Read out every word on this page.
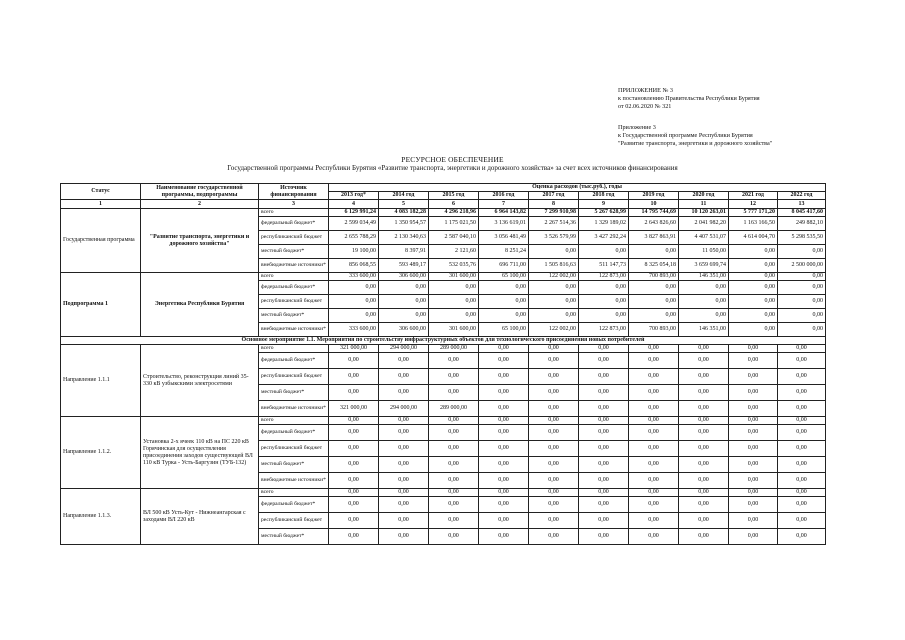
ПРИЛОЖЕНИЕ № 3
к постановлению Правительства Республики Бурятия
от 02.06.2020 № 321
Приложение 3
к Государственной программе Республики Бурятия
"Развитие транспорта, энергетики и дорожного хозяйства"
РЕСУРСНОЕ ОБЕСПЕЧЕНИЕ
Государственной программы Республики Бурятия «Развитие транспорта, энергетики и дорожного хозяйства» за счет всех источников финансирования
Статус	Наименование государственной программы, подпрограммы	Источник финансирования	Оценка расходов (тыс.руб.), годы									
			2013 год*	2014 год	2015 год	2016 год	2017 год	2018 год	2019 год	2020 год	2021 год	2022 год
1	2	3	4	5	6	7	8	9	10	11	12	13
Государственная программа	"Развитие транспорта, энергетики и дорожного хозяйства"	всего	6 129 991,24	4 083 182,28	4 296 218,96	6 964 143,82	7 299 910,98	5 267 628,99	14 795 744,69	10 120 263,01	5 777 171,20	8 045 417,60
		федеральный бюджет*	2 599 034,49	1 350 954,57	1 175 021,50	3 136 619,01	2 267 514,36	1 329 189,02	2 643 826,60	2 041 982,20	1 163 166,50	249 882,10
		республиканский бюджет	2 655 788,29	2 130 340,63	2 587 040,10	3 056 481,49	3 526 579,99	3 427 292,24	3 827 863,91	4 407 531,07	4 614 004,70	5 298 535,50
		местный бюджет*	19 100,00	8 397,91	2 121,60	8 251,24	0,00	0,00	0,00	11 050,00	0,00	0,00
		внебюджетные источники*	856 068,55	593 489,17	532 035,76	696 711,00	1 505 816,63	511 147,73	8 325 054,18	3 659 699,74	0,00	2 500 000,00
Подпрограмма 1	Энергетика Республики Бурятия	всего	333 600,00	306 600,00	301 600,00	65 100,00	122 002,00	122 873,00	700 893,00	146 351,00	0,00	0,00
		федеральный бюджет*	0,00	0,00	0,00	0,00	0,00	0,00	0,00	0,00	0,00	0,00
		республиканский бюджет	0,00	0,00	0,00	0,00	0,00	0,00	0,00	0,00	0,00	0,00
		местный бюджет*	0,00	0,00	0,00	0,00	0,00	0,00	0,00	0,00	0,00	0,00
		внебюджетные источники*	333 600,00	306 600,00	301 600,00	65 100,00	122 002,00	122 873,00	700 893,00	146 351,00	0,00	0,00
Основное мероприятие 1.1. Мероприятия по строительству инфраструктурных объектов для технологического присоединения новых потребителей												
Направление 1.1.1	Строительство, реконструкция линий 35-330 кВ узбыкскими электросетями	всего	321 000,00	294 000,00	289 000,00	0,00	0,00	0,00	0,00	0,00	0,00	0,00
		федеральный бюджет*	0,00	0,00	0,00	0,00	0,00	0,00	0,00	0,00	0,00	0,00
		республиканский бюджет	0,00	0,00	0,00	0,00	0,00	0,00	0,00	0,00	0,00	0,00
		местный бюджет*	0,00	0,00	0,00	0,00	0,00	0,00	0,00	0,00	0,00	0,00
		внебюджетные источники*	321 000,00	294 000,00	289 000,00	0,00	0,00	0,00	0,00	0,00	0,00	0,00
Направление 1.1.2.	Установка 2-х ячеек 110 кВ на ПС 220 кВ Горячинская для осуществления присоединения заходов существующей ВЛ 110 кВ Турка - Усть-Баргузин (ТУБ-132)	всего	0,00	0,00	0,00	0,00	0,00	0,00	0,00	0,00	0,00	0,00
		федеральный бюджет*	0,00	0,00	0,00	0,00	0,00	0,00	0,00	0,00	0,00	0,00
		республиканский бюджет	0,00	0,00	0,00	0,00	0,00	0,00	0,00	0,00	0,00	0,00
		местный бюджет*	0,00	0,00	0,00	0,00	0,00	0,00	0,00	0,00	0,00	0,00
		внебюджетные источники*	0,00	0,00	0,00	0,00	0,00	0,00	0,00	0,00	0,00	0,00
Направление 1.1.3.	ВЛ 500 кВ Усть-Кут - Нижнеангарская с заходами ВЛ 220 кВ	всего	0,00	0,00	0,00	0,00	0,00	0,00	0,00	0,00	0,00	0,00
		федеральный бюджет*	0,00	0,00	0,00	0,00	0,00	0,00	0,00	0,00	0,00	0,00
		республиканский бюджет	0,00	0,00	0,00	0,00	0,00	0,00	0,00	0,00	0,00	0,00
		местный бюджет*	0,00	0,00	0,00	0,00	0,00	0,00	0,00	0,00	0,00	0,00
